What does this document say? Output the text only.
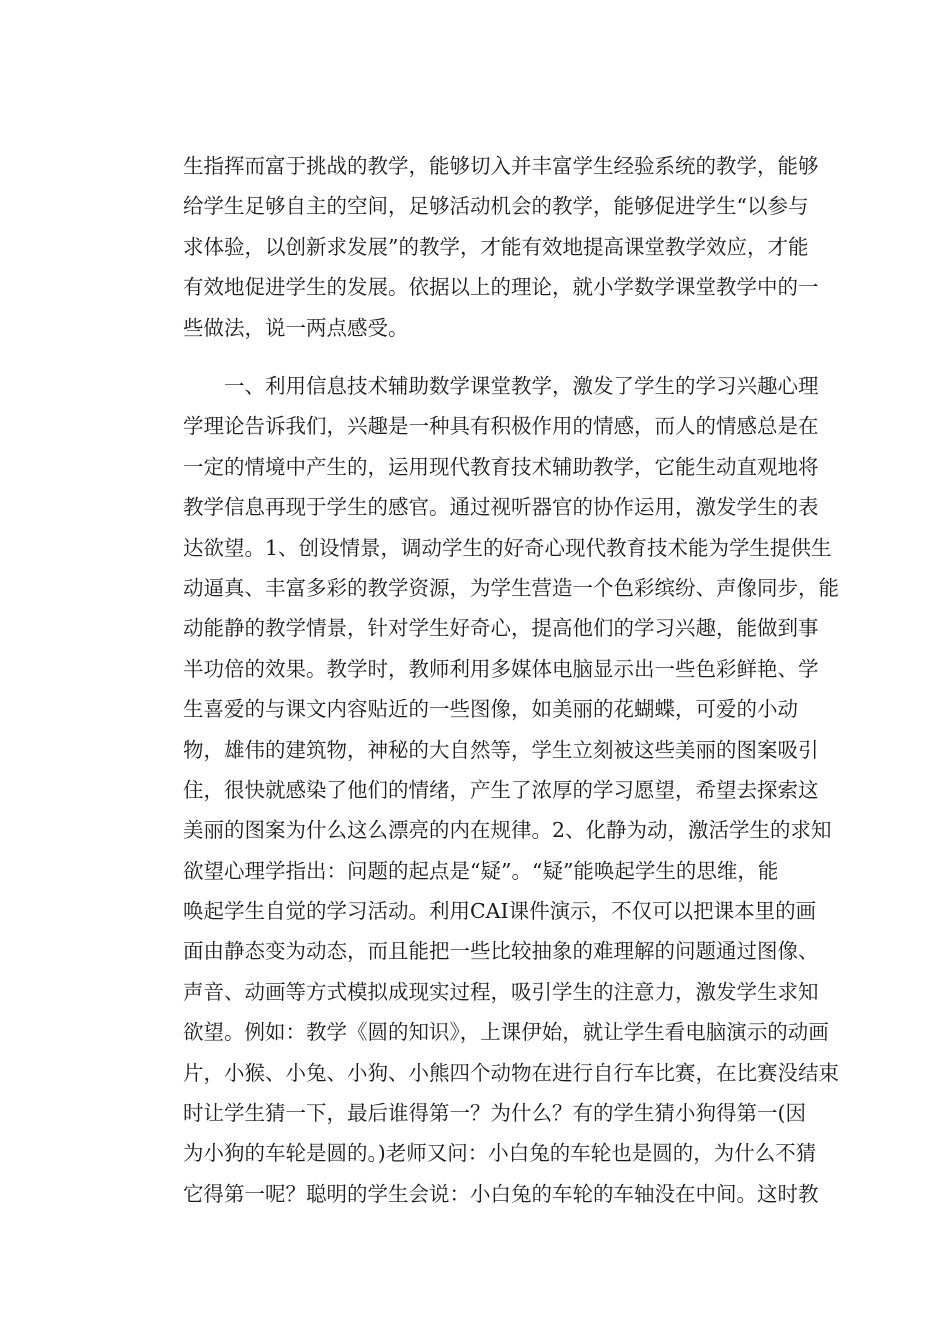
生指挥而富于挑战的教学，能够切入并丰富学生经验系统的教学，能够
给学生足够自主的空间，足够活动机会的教学，能够促进学生“以参与
求体验，以创新求发展”的教学，才能有效地提高课堂教学效应，才能
有效地促进学生的发展。依据以上的理论，就小学数学课堂教学中的一
些做法，说一两点感受。
　　一、利用信息技术辅助数学课堂教学，激发了学生的学习兴趣心理
学理论告诉我们，兴趣是一种具有积极作用的情感，而人的情感总是在
一定的情境中产生的，运用现代教育技术辅助教学，它能生动直观地将
教学信息再现于学生的感官。通过视听器官的协作运用，激发学生的表
达欲望。1、创设情景，调动学生的好奇心现代教育技术能为学生提供生
动逼真、丰富多彩的教学资源，为学生营造一个色彩缤纷、声像同步，能
动能静的教学情景，针对学生好奇心，提高他们的学习兴趣，能做到事
半功倍的效果。教学时，教师利用多媒体电脑显示出一些色彩鲜艳、学
生喜爱的与课文内容贴近的一些图像，如美丽的花蝴蝶，可爱的小动
物，雄伟的建筑物，神秘的大自然等，学生立刻被这些美丽的图案吸引
住，很快就感染了他们的情绪，产生了浓厚的学习愿望，希望去探索这
美丽的图案为什么这么漂亮的内在规律。2、化静为动，激活学生的求知
欲望心理学指出：问题的起点是“疑”。“疑”能唤起学生的思维，能
唤起学生自觉的学习活动。利用CAI课件演示，不仅可以把课本里的画
面由静态变为动态，而且能把一些比较抽象的难理解的问题通过图像、
声音、动画等方式模拟成现实过程，吸引学生的注意力，激发学生求知
欲望。例如：教学《圆的知识》，上课伊始，就让学生看电脑演示的动画
片，小猴、小兔、小狗、小熊四个动物在进行自行车比赛，在比赛没结束
时让学生猜一下，最后谁得第一？为什么？有的学生猜小狗得第一(因
为小狗的车轮是圆的。)老师又问：小白兔的车轮也是圆的，为什么不猜
它得第一呢？聪明的学生会说：小白兔的车轮的车轴没在中间。这时教
